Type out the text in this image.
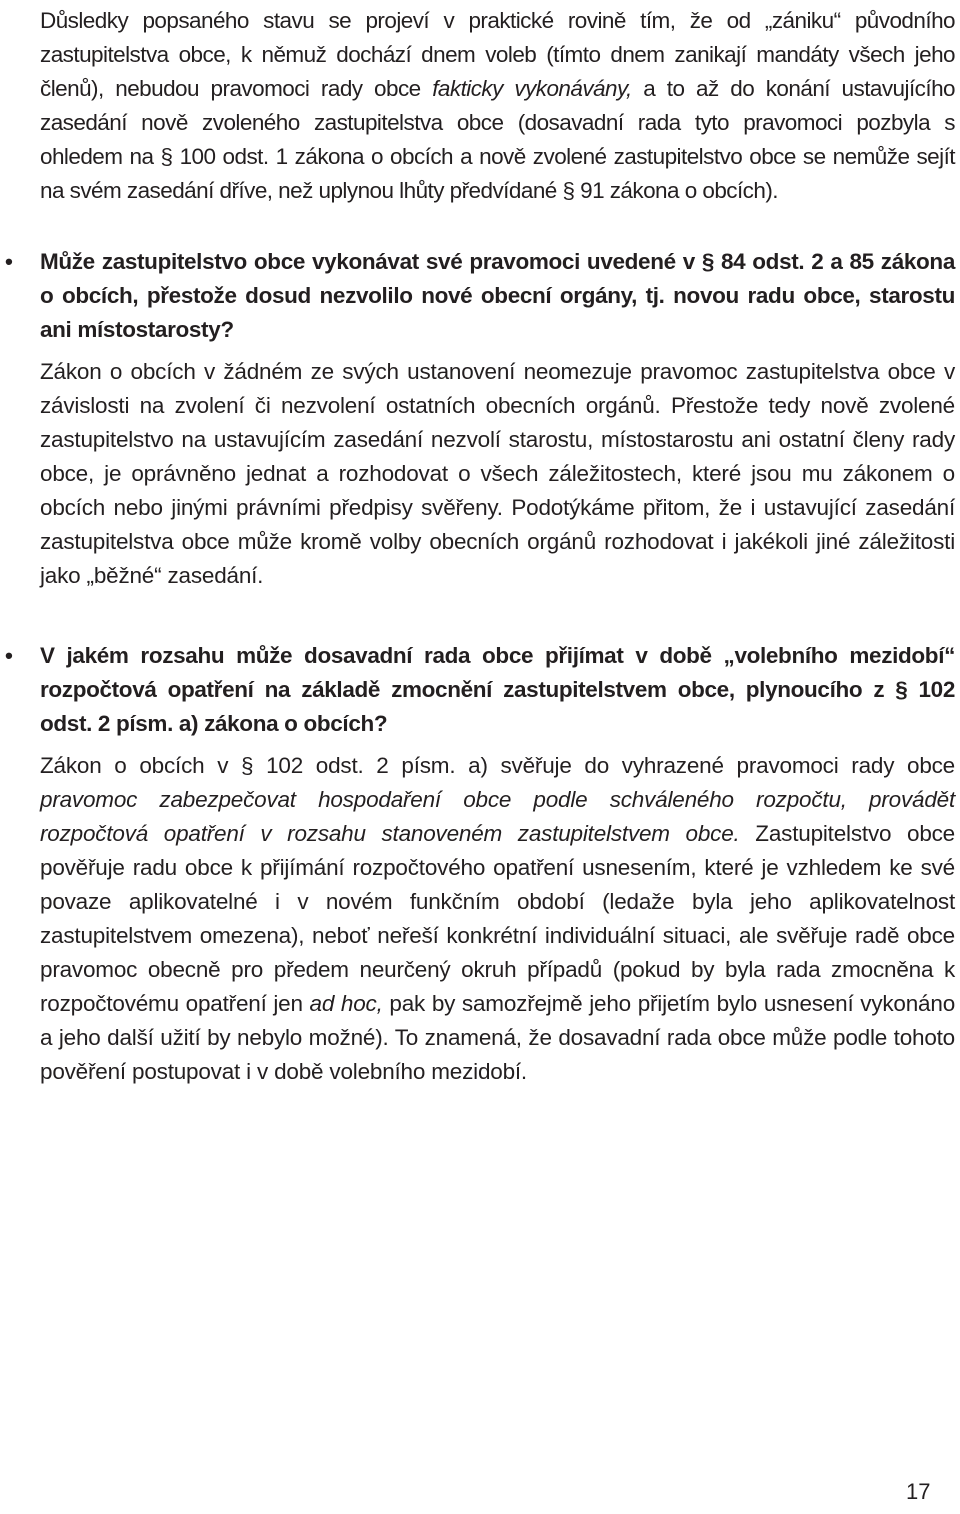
Důsledky popsaného stavu se projeví v praktické rovině tím, že od „zániku“ původního zastupitelstva obce, k němuž dochází dnem voleb (tímto dnem zanikají mandáty všech jeho členů), nebudou pravomoci rady obce fakticky vykonávány, a to až do konání ustavujícího zasedání nově zvoleného zastupitelstva obce (dosavadní rada tyto pravomoci pozbyla s ohledem na § 100 odst. 1 zákona o obcích a nově zvolené zastupitelstvo obce se nemůže sejít na svém zasedání dříve, než uplynou lhůty předvídané § 91 zákona o obcích).

• Může zastupitelstvo obce vykonávat své pravomoci uvedené v § 84 odst. 2 a 85 zákona o obcích, přestože dosud nezvolilo nové obecní orgány, tj. novou radu obce, starostu ani místostarosty?

Zákon o obcích v žádném ze svých ustanovení neomezuje pravomoc zastupitelstva obce v závislosti na zvolení či nezvolení ostatních obecních orgánů. Přestože tedy nově zvolené zastupitelstvo na ustavujícím zasedání nezvolí starostu, místostarostu ani ostatní členy rady obce, je oprávněno jednat a rozhodovat o všech záležitostech, které jsou mu zákonem o obcích nebo jinými právními předpisy svěřeny. Podotýkáme přitom, že i ustavující zasedání zastupitelstva obce může kromě volby obecních orgánů rozhodovat i jakékoli jiné záležitosti jako „běžné“ zasedání.

• V jakém rozsahu může dosavadní rada obce přijímat v době „volebního mezidobí“ rozpočtová opatření na základě zmocnění zastupitelstvem obce, plynoucího z § 102 odst. 2 písm. a) zákona o obcích?

Zákon o obcích v § 102 odst. 2 písm. a) svěřuje do vyhrazené pravomoci rady obce pravomoc zabezpečovat hospodaření obce podle schváleného rozpočtu, provádět rozpočtová opatření v rozsahu stanoveném zastupitelstvem obce. Zastupitelstvo obce pověřuje radu obce k přijímání rozpočtového opatření usnesením, které je vzhledem ke své povaze aplikovatelné i v novém funkčním období (ledaže byla jeho aplikovatelnost zastupitelstvem omezena), neboť neřeší konkrétní individuální situaci, ale svěřuje radě obce pravomoc obecně pro předem neurčený okruh případů (pokud by byla rada zmocněna k rozpočtovému opatření jen ad hoc, pak by samozřejmě jeho přijetím bylo usnesení vykonáno a jeho další užití by nebylo možné). To znamená, že dosavadní rada obce může podle tohoto pověření postupovat i v době volebního mezidobí.

17
